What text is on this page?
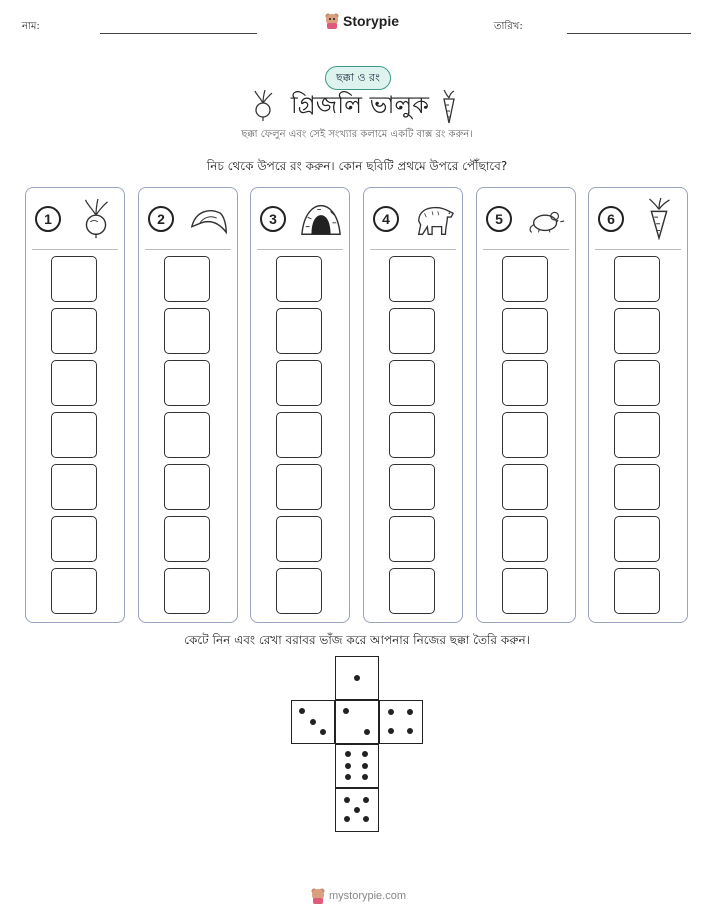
নাম:	Storypie	তারিখ:
ছক্কা ও রং
গ্রিজলি ভালুক
ছক্কা ফেলুন এবং সেই সংখ্যার কলামে একটি বাক্স রং করুন।
নিচ থেকে উপরে রং করুন। কোন ছবিটি প্রথমে উপরে পৌঁছাবে?
1	2	3	4	5	6
কেটে নিন এবং রেখা বরাবর ভাঁজ করে আপনার নিজের ছক্কা তৈরি করুন।
mystorypie.com
